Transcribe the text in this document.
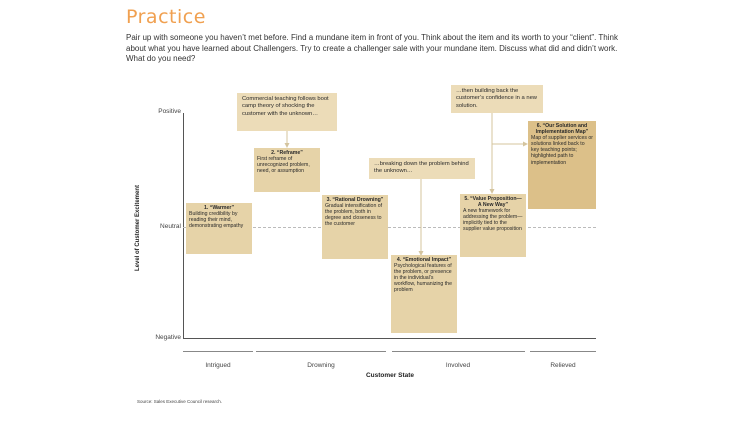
Practice
Pair up with someone you haven’t met before. Find a mundane item in front of you. Think about the item and its worth to your “client”. Think about what you have learned about Challengers. Try to create a challenger sale with your mundane item. Discuss what did and didn’t work. What do you need?
Level of Customer Excitement
Positive
Neutral
Negative
Intrigued	Drowning	Involved	Relieved
Customer State
Commercial teaching follows boot camp theory of shocking the customer with the unknown…
…breaking down the problem behind the unknown…
…then building back the customer’s confidence in a new solution.
1. “Warmer”
Building credibility by reading their mind, demonstrating empathy
2. “Reframe”
First reframe of unrecognized problem, need, or assumption
3. “Rational Drowning”
Gradual intensification of the problem, both in degree and closeness to the customer
4. “Emotional Impact”
Psychological features of the problem, or presence in the individual’s workflow, humanizing the problem
5. “Value Proposition— A New Way”
A new framework for addressing the problem—implicitly tied to the supplier value proposition
6. “Our Solution and Implementation Map”
Map of supplier services or solutions linked back to key teaching points; highlighted path to implementation
Source: Sales Executive Council research.
